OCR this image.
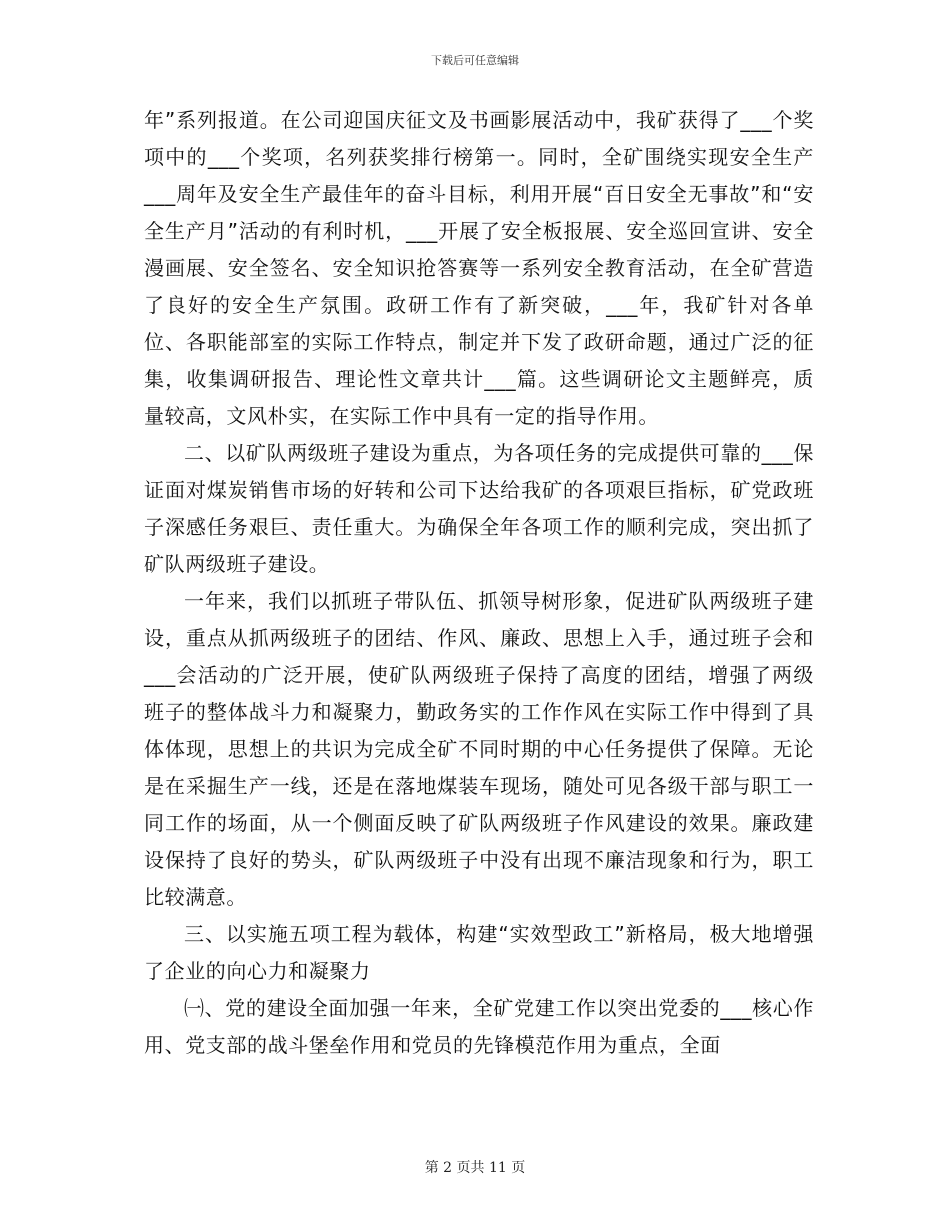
下载后可任意编辑

年”系列报道。在公司迎国庆征文及书画影展活动中，我矿获得了___个奖项中的___个奖项，名列获奖排行榜第一。同时，全矿围绕实现安全生产___周年及安全生产最佳年的奋斗目标，利用开展“百日安全无事故”和“安全生产月”活动的有利时机，___开展了安全板报展、安全巡回宣讲、安全漫画展、安全签名、安全知识抢答赛等一系列安全教育活动，在全矿营造了良好的安全生产氛围。政研工作有了新突破，___年，我矿针对各单位、各职能部室的实际工作特点，制定并下发了政研命题，通过广泛的征集，收集调研报告、理论性文章共计___篇。这些调研论文主题鲜亮，质量较高，文风朴实，在实际工作中具有一定的指导作用。

二、以矿队两级班子建设为重点，为各项任务的完成提供可靠的___保证面对煤炭销售市场的好转和公司下达给我矿的各项艰巨指标，矿党政班子深感任务艰巨、责任重大。为确保全年各项工作的顺利完成，突出抓了矿队两级班子建设。

一年来，我们以抓班子带队伍、抓领导树形象，促进矿队两级班子建设，重点从抓两级班子的团结、作风、廉政、思想上入手，通过班子会和___会活动的广泛开展，使矿队两级班子保持了高度的团结，增强了两级班子的整体战斗力和凝聚力，勤政务实的工作作风在实际工作中得到了具体体现，思想上的共识为完成全矿不同时期的中心任务提供了保障。无论是在采掘生产一线，还是在落地煤装车现场，随处可见各级干部与职工一同工作的场面，从一个侧面反映了矿队两级班子作风建设的效果。廉政建设保持了良好的势头，矿队两级班子中没有出现不廉洁现象和行为，职工比较满意。

三、以实施五项工程为载体，构建“实效型政工”新格局，极大地增强了企业的向心力和凝聚力

㈠、党的建设全面加强一年来，全矿党建工作以突出党委的___核心作用、党支部的战斗堡垒作用和党员的先锋模范作用为重点，全面

第 2 页共 11 页
